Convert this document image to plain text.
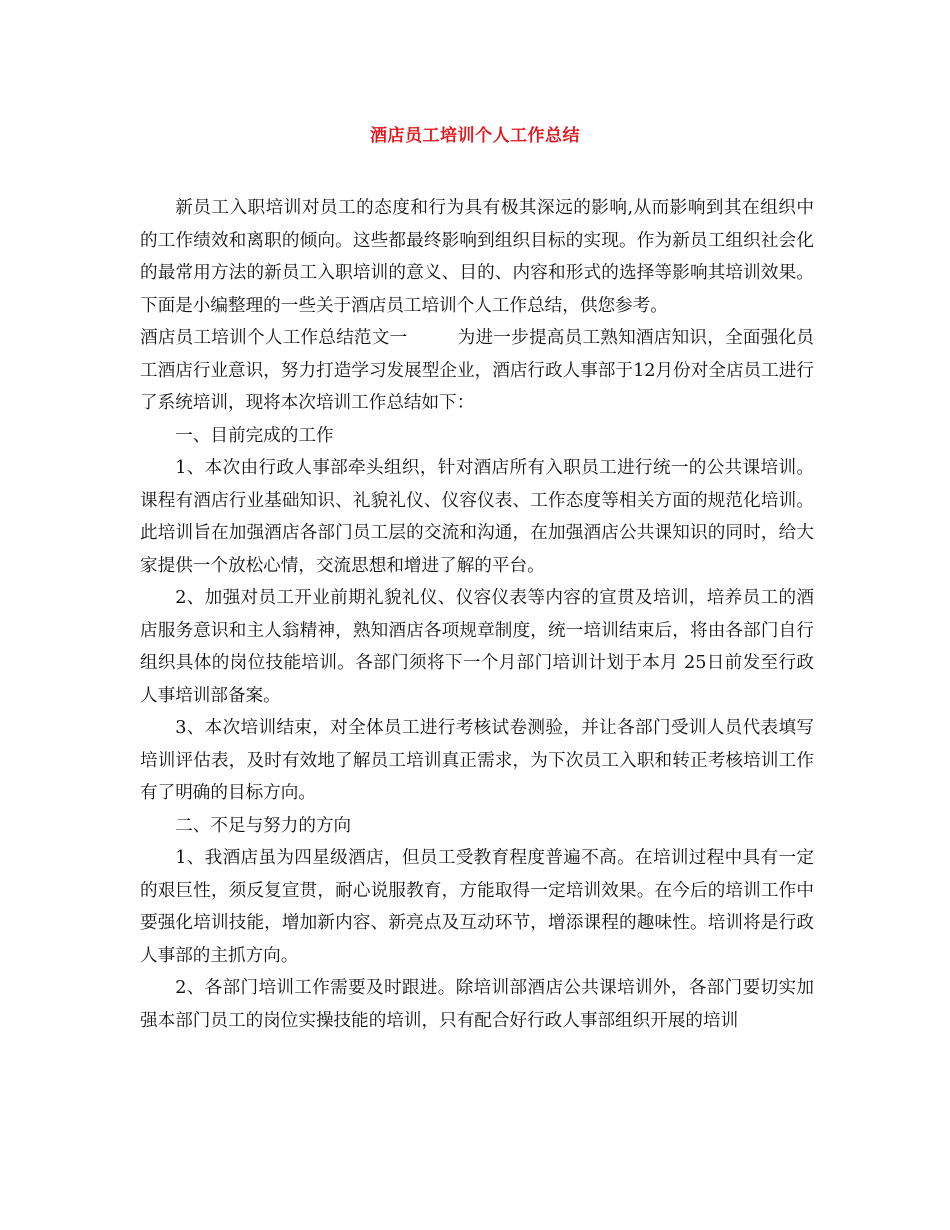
酒店员工培训个人工作总结

新员工入职培训对员工的态度和行为具有极其深远的影响,从而影响到其在组织中的工作绩效和离职的倾向。这些都最终影响到组织目标的实现。作为新员工组织社会化的最常用方法的新员工入职培训的意义、目的、内容和形式的选择等影响其培训效果。下面是小编整理的一些关于酒店员工培训个人工作总结，供您参考。

酒店员工培训个人工作总结范文一	为进一步提高员工熟知酒店知识，全面强化员工酒店行业意识，努力打造学习发展型企业，酒店行政人事部于12月份对全店员工进行了系统培训，现将本次培训工作总结如下：

一、目前完成的工作

1、本次由行政人事部牵头组织，针对酒店所有入职员工进行统一的公共课培训。课程有酒店行业基础知识、礼貌礼仪、仪容仪表、工作态度等相关方面的规范化培训。此培训旨在加强酒店各部门员工层的交流和沟通，在加强酒店公共课知识的同时，给大家提供一个放松心情，交流思想和增进了解的平台。

2、加强对员工开业前期礼貌礼仪、仪容仪表等内容的宣贯及培训，培养员工的酒店服务意识和主人翁精神，熟知酒店各项规章制度，统一培训结束后，将由各部门自行组织具体的岗位技能培训。各部门须将下一个月部门培训计划于本月 25日前发至行政人事培训部备案。

3、本次培训结束，对全体员工进行考核试卷测验，并让各部门受训人员代表填写培训评估表，及时有效地了解员工培训真正需求，为下次员工入职和转正考核培训工作有了明确的目标方向。

二、不足与努力的方向

1、我酒店虽为四星级酒店，但员工受教育程度普遍不高。在培训过程中具有一定的艰巨性，须反复宣贯，耐心说服教育，方能取得一定培训效果。在今后的培训工作中要强化培训技能，增加新内容、新亮点及互动环节，增添课程的趣味性。培训将是行政人事部的主抓方向。

2、各部门培训工作需要及时跟进。除培训部酒店公共课培训外，各部门要切实加强本部门员工的岗位实操技能的培训，只有配合好行政人事部组织开展的培训
